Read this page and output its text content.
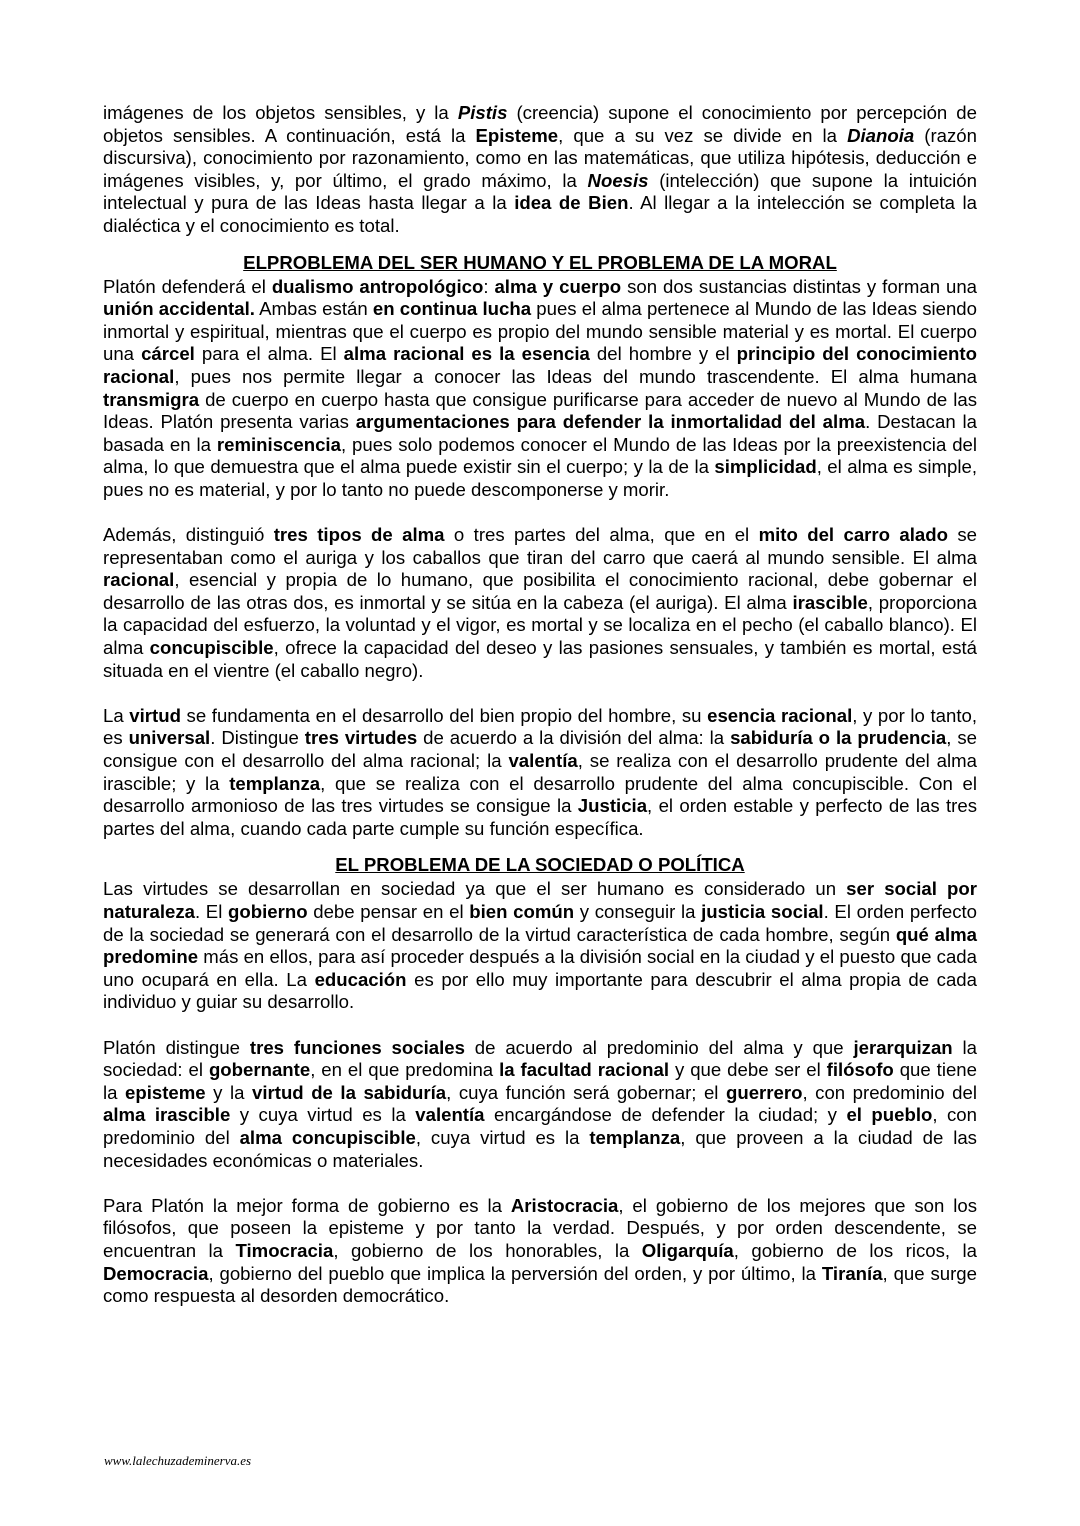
imágenes de los objetos sensibles, y la Pistis (creencia) supone el conocimiento por percepción de objetos sensibles. A continuación, está la Episteme, que a su vez se divide en la Dianoia (razón discursiva), conocimiento por razonamiento, como en las matemáticas, que utiliza hipótesis, deducción e imágenes visibles, y, por último, el grado máximo, la Noesis (intelección) que supone la intuición intelectual y pura de las Ideas hasta llegar a la idea de Bien. Al llegar a la intelección se completa la dialéctica y el conocimiento es total.

ELPROBLEMA DEL SER HUMANO Y EL PROBLEMA DE LA MORAL

Platón defenderá el dualismo antropológico: alma y cuerpo son dos sustancias distintas y forman una unión accidental. Ambas están en continua lucha pues el alma pertenece al Mundo de las Ideas siendo inmortal y espiritual, mientras que el cuerpo es propio del mundo sensible material y es mortal. El cuerpo una cárcel para el alma. El alma racional es la esencia del hombre y el principio del conocimiento racional, pues nos permite llegar a conocer las Ideas del mundo trascendente. El alma humana transmigra de cuerpo en cuerpo hasta que consigue purificarse para acceder de nuevo al Mundo de las Ideas. Platón presenta varias argumentaciones para defender la inmortalidad del alma. Destacan la basada en la reminiscencia, pues solo podemos conocer el Mundo de las Ideas por la preexistencia del alma, lo que demuestra que el alma puede existir sin el cuerpo; y la de la simplicidad, el alma es simple, pues no es material, y por lo tanto no puede descomponerse y morir.

Además, distinguió tres tipos de alma o tres partes del alma, que en el mito del carro alado se representaban como el auriga y los caballos que tiran del carro que caerá al mundo sensible. El alma racional, esencial y propia de lo humano, que posibilita el conocimiento racional, debe gobernar el desarrollo de las otras dos, es inmortal y se sitúa en la cabeza (el auriga). El alma irascible, proporciona la capacidad del esfuerzo, la voluntad y el vigor, es mortal y se localiza en el pecho (el caballo blanco). El alma concupiscible, ofrece la capacidad del deseo y las pasiones sensuales, y también es mortal, está situada en el vientre (el caballo negro).

La virtud se fundamenta en el desarrollo del bien propio del hombre, su esencia racional, y por lo tanto, es universal. Distingue tres virtudes de acuerdo a la división del alma: la sabiduría o la prudencia, se consigue con el desarrollo del alma racional; la valentía, se realiza con el desarrollo prudente del alma irascible; y la templanza, que se realiza con el desarrollo prudente del alma concupiscible. Con el desarrollo armonioso de las tres virtudes se consigue la Justicia, el orden estable y perfecto de las tres partes del alma, cuando cada parte cumple su función específica.

EL PROBLEMA DE LA SOCIEDAD O POLÍTICA

Las virtudes se desarrollan en sociedad ya que el ser humano es considerado un ser social por naturaleza. El gobierno debe pensar en el bien común y conseguir la justicia social. El orden perfecto de la sociedad se generará con el desarrollo de la virtud característica de cada hombre, según qué alma predomine más en ellos, para así proceder después a la división social en la ciudad y el puesto que cada uno ocupará en ella. La educación es por ello muy importante para descubrir el alma propia de cada individuo y guiar su desarrollo.

Platón distingue tres funciones sociales de acuerdo al predominio del alma y que jerarquizan la sociedad: el gobernante, en el que predomina la facultad racional y que debe ser el filósofo que tiene la episteme y la virtud de la sabiduría, cuya función será gobernar; el guerrero, con predominio del alma irascible y cuya virtud es la valentía encargándose de defender la ciudad; y el pueblo, con predominio del alma concupiscible, cuya virtud es la templanza, que proveen a la ciudad de las necesidades económicas o materiales.

Para Platón la mejor forma de gobierno es la Aristocracia, el gobierno de los mejores que son los filósofos, que poseen la episteme y por tanto la verdad. Después, y por orden descendente, se encuentran la Timocracia, gobierno de los honorables, la Oligarquía, gobierno de los ricos, la Democracia, gobierno del pueblo que implica la perversión del orden, y por último, la Tiranía, que surge como respuesta al desorden democrático.

www.lalechuzademinerva.es
